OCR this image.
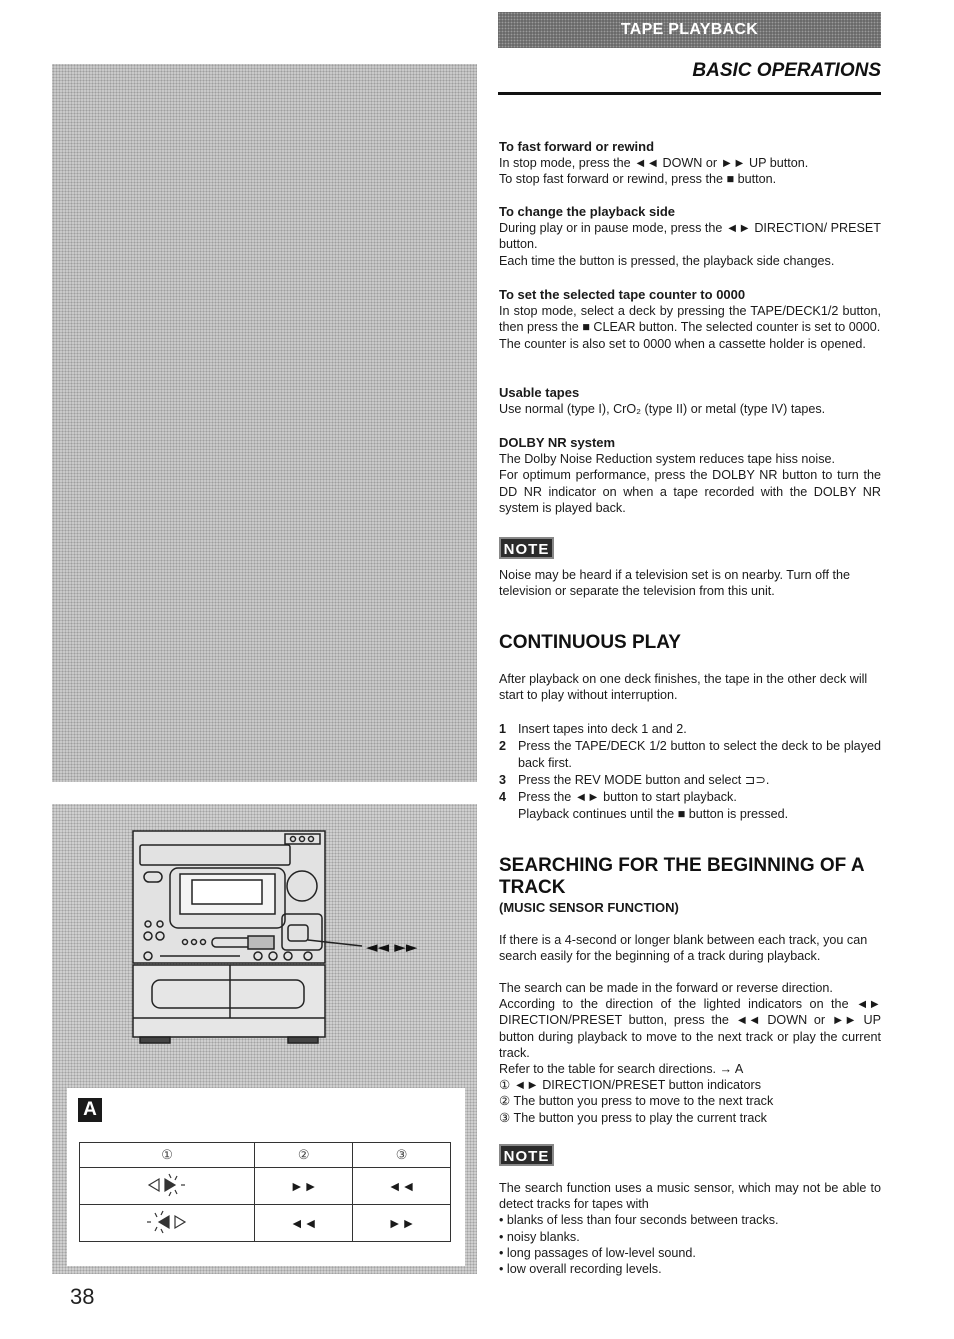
◄◄ ►►
A
①	②	③
	►►	◄◄
	◄◄	►►
38
TAPE PLAYBACK
BASIC OPERATIONS

To fast forward or rewind

In stop mode, press the ◄◄ DOWN or ►► UP button.

To stop fast forward or rewind, press the ■ button.

To change the playback side

During play or in pause mode, press the ◄► DIRECTION/ PRESET button.

Each time the button is pressed, the playback side changes.

To set the selected tape counter to 0000

In stop mode, select a deck by pressing the TAPE/DECK1/2 button, then press the ■ CLEAR button. The selected counter is set to 0000.

The counter is also set to 0000 when a cassette holder is opened.

Usable tapes

Use normal (type I), CrO₂ (type II) or metal (type IV) tapes.

DOLBY NR system

The Dolby Noise Reduction system reduces tape hiss noise.

For optimum performance, press the DOLBY NR button to turn the DD NR indicator on when a tape recorded with the DOLBY NR system is played back.

NOTE
Noise may be heard if a television set is on nearby. Turn off the television or separate the television from this unit.
CONTINUOUS PLAY
After playback on one deck finishes, the tape in the other deck will start to play without interruption.
1 Insert tapes into deck 1 and 2.
2 Press the TAPE/DECK 1/2 button to select the deck to be played back first.
3 Press the REV MODE button and select ⊐⊃.
4 Press the ◄► button to start playback.
Playback continues until the ■ button is pressed.
SEARCHING FOR THE BEGINNING OF A TRACK
(MUSIC SENSOR FUNCTION)
If there is a 4-second or longer blank between each track, you can search easily for the beginning of a track during playback.

The search can be made in the forward or reverse direction.

According to the direction of the lighted indicators on the ◄► DIRECTION/PRESET button, press the ◄◄ DOWN or ►► UP button during playback to move to the next track or play the current track.

Refer to the table for search directions. → A

① ◄► DIRECTION/PRESET button indicators

② The button you press to move to the next track

③ The button you press to play the current track

NOTE

The search function uses a music sensor, which may not be able to detect tracks for tapes with

• blanks of less than four seconds between tracks.

• noisy blanks.

• long passages of low-level sound.

• low overall recording levels.
